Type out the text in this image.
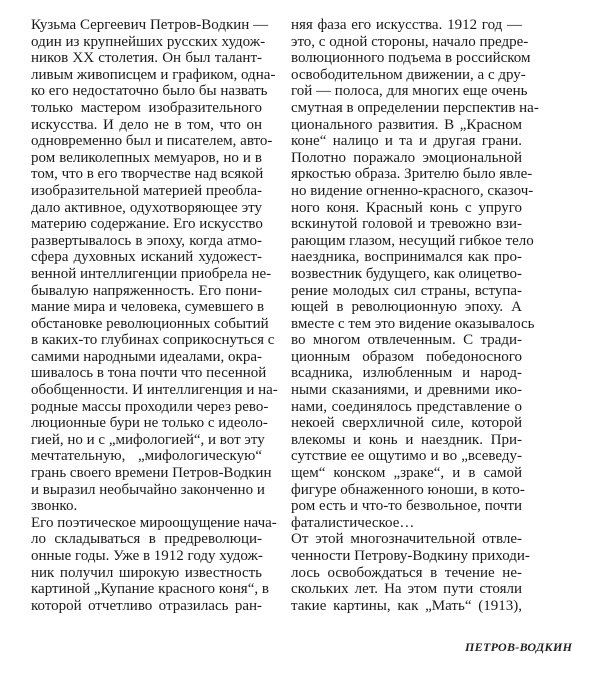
Кузьма Сергеевич Петров-Водкин —
один из крупнейших русских худож-
ников XX столетия. Он был талант-
ливым живописцем и графиком, одна-
ко его недостаточно было бы назвать
только мастером изобразительного
искусства. И дело не в том, что он
одновременно был и писателем, авто-
ром великолепных мемуаров, но и в
том, что в его творчестве над всякой
изобразительной материей преобла-
дало активное, одухотворяющее эту
материю содержание. Его искусство
развертывалось в эпоху, когда атмо-
сфера духовных исканий художест-
венной интеллигенции приобрела не-
бывалую напряженность. Его пони-
мание мира и человека, сумевшего в
обстановке революционных событий
в каких-то глубинах соприкоснуться с
самими народными идеалами, окра-
шивалось в тона почти что песенной
обобщенности. И интеллигенция и на-
родные массы проходили через рево-
люционные бури не только с идеоло-
гией, но и с „мифологией“, и вот эту
мечтательную, „мифологическую“
грань своего времени Петров-Водкин
и выразил необычайно законченно и
звонко.
Его поэтическое мироощущение нача-
ло складываться в предреволюци-
онные годы. Уже в 1912 году худож-
ник получил широкую известность
картиной „Купание красного коня“, в
которой отчетливо отразилась ран-
няя фаза его искусства. 1912 год —
это, с одной стороны, начало предре-
волюционного подъема в российском
освободительном движении, а с дру-
гой — полоса, для многих еще очень
смутная в определении перспектив на-
ционального развития. В „Красном
коне“ налицо и та и другая грани.
Полотно поражало эмоциональной
яркостью образа. Зрителю было явле-
но видение огненно-красного, сказоч-
ного коня. Красный конь с упруго
вскинутой головой и тревожно взи-
рающим глазом, несущий гибкое тело
наездника, воспринимался как про-
возвестник будущего, как олицетво-
рение молодых сил страны, вступа-
ющей в революционную эпоху. А
вместе с тем это видение оказывалось
во многом отвлеченным. С тради-
ционным образом победоносного
всадника, излюбленным и народ-
ными сказаниями, и древними ико-
нами, соединялось представление о
некоей сверхличной силе, которой
влекомы и конь и наездник. При-
сутствие ее ощутимо и во „всеведу-
щем“ конском „зраке“, и в самой
фигуре обнаженного юноши, в кото-
ром есть и что-то безвольное, почти
фаталистическое…
От этой многозначительной отвле-
ченности Петрову-Водкину приходи-
лось освобождаться в течение не-
скольких лет. На этом пути стояли
такие картины, как „Мать“ (1913),
ПЕТРОВ-ВОДКИН
